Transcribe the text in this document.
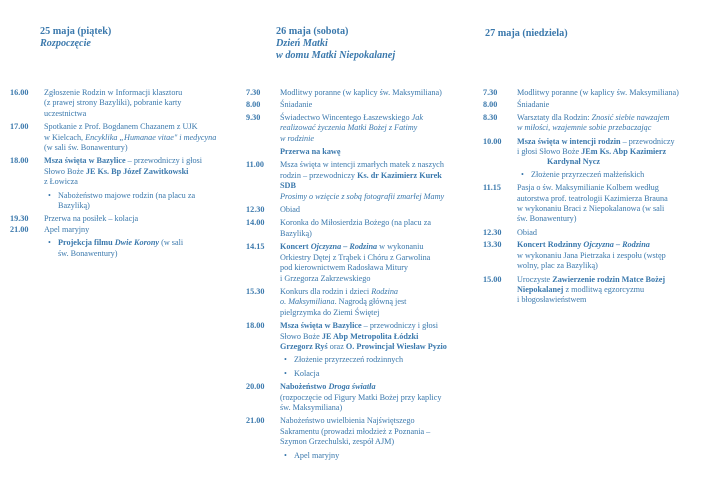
25 maja (piątek)
Rozpoczęcie
16.00	Zgłoszenie Rodzin w Informacji klasztoru
(z prawej strony Bazyliki), pobranie karty
uczestnictwa
17.00	Spotkanie z Prof. Bogdanem Chazanem z UJK
w Kielcach, Encyklika „Humanae vitae" i medycyna
(w sali św. Bonawentury)
18.00	Msza święta w Bazylice – przewodniczy i głosi
Słowo Boże JE Ks. Bp Józef Zawitkowski
z Łowicza
• Nabożeństwo majowe rodzin (na placu za
Bazyliką)
19.30	Przerwa na posiłek – kolacja
21.00	Apel maryjny
• Projekcja filmu Dwie Korony (w sali
św. Bonawentury)
26 maja (sobota)
Dzień Matki
w domu Matki Niepokalanej
7.30	Modlitwy poranne (w kaplicy św. Maksymiliana)
8.00	Śniadanie
9.30	Świadectwo Wincentego Łaszewskiego Jak
realizować życzenia Matki Bożej z Fatimy
w rodzinie
Przerwa na kawę
11.00	Msza święta w intencji zmarłych matek z naszych
rodzin – przewodniczy Ks. dr Kazimierz Kurek
SDB
Prosimy o wzięcie z sobą fotografii zmarłej Mamy
12.30	Obiad
14.00	Koronka do Miłosierdzia Bożego (na placu za
Bazyliką)
14.15	Koncert Ojczyzna – Rodzina w wykonaniu
Orkiestry Dętej z Trąbek i Chóru z Garwolina
pod kierownictwem Radosława Mitury
i Grzegorza Zakrzewskiego
15.30	Konkurs dla rodzin i dzieci Rodzina
o. Maksymiliana. Nagrodą główną jest
pielgrzymka do Ziemi Świętej
18.00	Msza święta w Bazylice – przewodniczy i głosi
Słowo Boże JE Abp Metropolita Łódzki
Grzegorz Ryś oraz O. Prowincjał Wiesław Pyzio
• Złożenie przyrzeczeń rodzinnych
• Kolacja
20.00	Nabożeństwo Droga światła
(rozpoczęcie od Figury Matki Bożej przy kaplicy
św. Maksymiliana)
21.00	Nabożeństwo uwielbienia Najświętszego
Sakramentu (prowadzi młodzież z Poznania –
Szymon Grzechulski, zespół AJM)
• Apel maryjny
27 maja (niedziela)
7.30	Modlitwy poranne (w kaplicy św. Maksymiliana)
8.00	Śniadanie
8.30	Warsztaty dla Rodzin: Znosić siebie nawzajem
w miłości, wzajemnie sobie przebaczając
10.00	Msza święta w intencji rodzin – przewodniczy
i głosi Słowo Boże JEm Ks. Abp Kazimierz
Kardynał Nycz
• Złożenie przyrzeczeń małżeńskich
11.15	Pasja o św. Maksymilianie Kolbem według
autorstwa prof. teatrologii Kazimierza Brauna
w wykonaniu Braci z Niepokalanowa (w sali
św. Bonawentury)
12.30	Obiad
13.30	Koncert Rodzinny Ojczyzna – Rodzina
w wykonaniu Jana Pietrzaka i zespołu (wstęp
wolny, plac za Bazyliką)
15.00	Uroczyste Zawierzenie rodzin Matce Bożej
Niepokalanej z modlitwą egzorcyzmu
i błogosławieństwem
